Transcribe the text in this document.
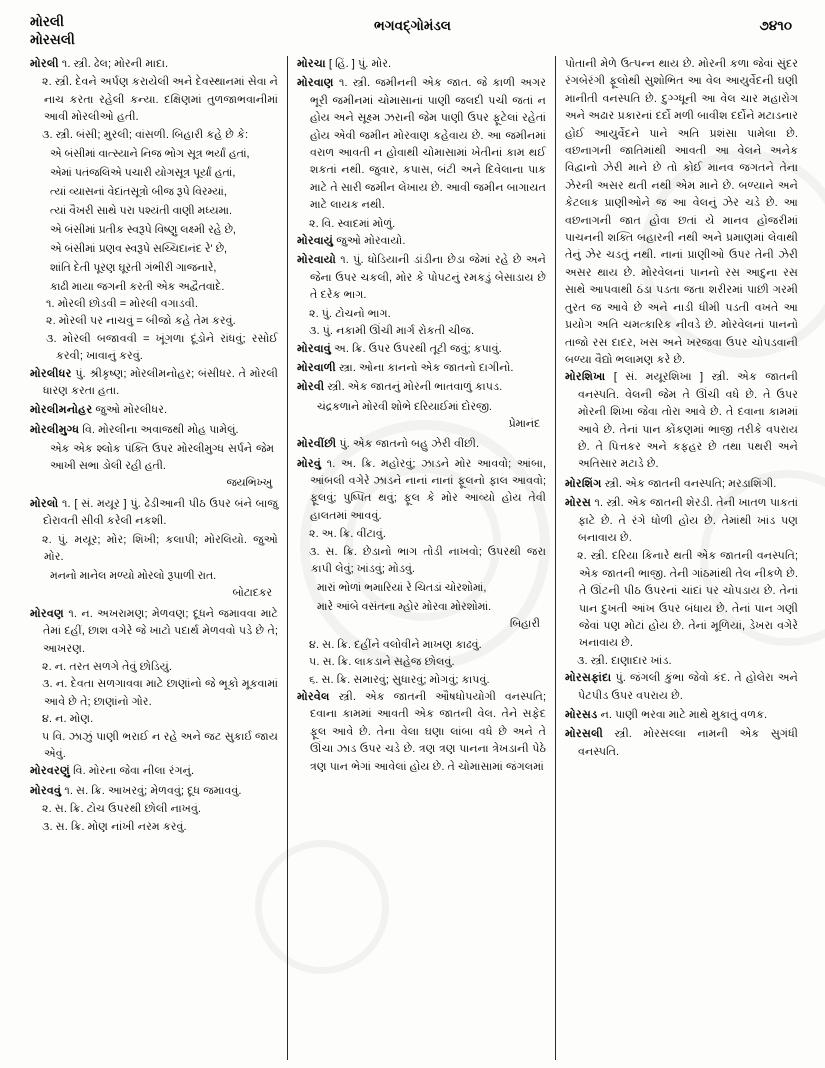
મોરલી
મોરસલી
ભગવદ્ગોમંડલ	૭૪૧૦

મોરલી ૧. સ્ત્રી. ઢેલ; મોરની માદા.

૨. સ્ત્રી. દેવને અર્પણ કરાયેલી અને દેવસ્થાનમાં સેવા ને નાચ કરતા રહેલી કન્યા. દક્ષિણમાં તુળજાભવાનીમાં આવી મોરલીઓ હતી.

૩. સ્ત્રી. બંસી; મુરલી; વાંસળી. બિહારી કહે છે કે:

એ બંસીમાં વાત્સ્યાને નિજ ભોગ સૂત્ર ભર્યાં હતાં,

એમાં પતંજલિએ પચારી યોગસૂત્ર પૂર્યાં હતાં,

ત્યાં વ્યાસનાં વેદાંતસૂત્રો બીજ રૂપે વિરમ્યાં,

ત્યાં વૈખરી સાથે પરા પશ્યંતી વાણી મધ્યમા.

એ બંસીમાં પ્રતીક સ્વરૂપે વિષ્ણુ લક્ષ્મી રહે છે,

એ બંસીમાં પ્રણવ સ્વરૂપે સચ્ચિદાનંદ રે' છે,

શાંતિ દેતી પૂરણ ઘૂરતી ગંભીરી ગાજનારે,

કાઢી માયા જગની કરતી એક અદ્વૈતવાદે.

૧. મોરલી છોડવી = મોરલી વગાડવી.

૨. મોરલી પર નાચવું = બીજો કહે તેમ કરવું.

૩. મોરલી બજાવવી = ખૂંગળા દૂંડોને રાંધવું; રસોઈ કરવી; ખાવાનું કરવું.

મોરલીધર પું. શ્રીકૃષ્ણ; મોરલીમનોહર; બંસીધર. તે મોરલી ધારણ કરતા હતા.

મોરલીમનોહર જુઓ મોરલીધર.

મોરલીમુગ્ધ વિ. મોરલીના અવાજથી મોહ પામેલું.

એક એક શ્લોક પંક્તિ ઉપર મોરલીમુગ્ધ સર્પને જેમ આખી સભા ડોલી રહી હતી.

જયભિખ્ખુ

મોરલો ૧. [ સં. મયૂર ] પું. ઢેડીઆની પીઠ ઉપર બંને બાજુ દોરાવતી સીવી કરેલી નકશી.

૨. પું. મયૂર; મોર; શિખી; કલાપી; મોરલિયો. જુઓ મોર.

મનનો માનેલ મળ્યો મોરલો રૂપાળી રાત.

બોટાદકર

મોરવણ ૧. ન. અખરામણ; મેળવણ; દૂધને જમાવવા માટે તેમાં દહીં, છાશ વગેરે જે ખાટો પદાર્થ મેળવવો પડે છે તે; આખરણ.

૨. ન. તરત સળગે તેવું છોડિયું.

૩. ન. દેવતા સળગાવવા માટે છાણાંનો જે ભૂકો મૂકવામાં આવે છે તે; છાણાંનો ગોર.

૪. ન. મોણ.

૫ વિ. ઝાઝું પાણી ભરાઈ ન રહે અને જટ સુકાર્ઇ જાય એવું.

મોરવરણું વિ. મોરના જેવા નીલા રંગનું.

મોરવવું ૧. સ. ક્રિ. આખરવું; મેળવવું; દૂધ જમાવવું.

૨. સ. ક્રિ. ટોચ ઉપરથી છોલી નાખવું.

૩. સ. ક્રિ. મોણ નાંખી નરમ કરવું.

મોરચા [ હિં. ] પું. મોર.

મોરવાણ ૧. સ્ત્રી. જમીનની એક જાત. જે કાળી અગર ભૂરી જમીનમાં ચોમાસાનાં પાણી જલદી પચી જતાં ન હોય અને સૂક્ષ્મ ઝરાની જેમ પાણી ઉપર ફૂટેલાં રહેતાં હોય એવી જમીન મોરવાણ કહેવાય છે. આ જમીનમાં વરાળ આવતી ન હોવાથી ચોમાસામાં ખેતીનાં કામ થઈ શકતાં નથી. જુવાર, કપાસ, બંટી અને દિવેલાના પાક માટે તે સારી જમીન લેખાય છે. આવી જમીન બાગાયત માટે લાયક નથી.

૨. વિ. સ્વાદમાં મોળું.

મોરવાયું જુઓ મોરવાયો.

મોરવાયો ૧. પું. ધોડિયાની ડાંડીના છેડા જેમાં રહે છે અને જેના ઉપર ચકલી, મોર કે પોપટનું રમકડું બેસાડાય છે તે દરેક ભાગ.

૨. પું. ટોચનો ભાગ.

૩. પું. નકામી ઊંચી માર્ગ રોકતી ચીજ.

મોરવાવું અ. ક્રિ. ઉપર ઉપરથી તૂટી જવું; કપાવું.

મોરવાળી સ્ત્રા. ઓના કાનનો એક જાતનો દાગીનો.

મોરવી સ્ત્રી. એક જાતનું મોરની ભાતવાળું કાપડ.

ચંદ્રકળાને મોરવી શોભે દરિયાઈમાં દોરજી.

પ્રેમાનંદ

મોરવીંછી પું. એક જાતનો બહુ ઝેરી વીંછી.

મોરવું ૧. અ. ક્રિ. મહોરવું; ઝાડને મોર આવવો; આંબા, આંબલી વગેરે ઝાડને નાનાં નાનાં ફૂલનો ફાલ આવવો; ફૂલવું; પુષ્પિત થવું; ફૂલ કે મોર આવ્યો હોય તેવી હાલતમાં આવવું.

૨. અ. ક્રિ. વીંટાવું.

૩. સ. ક્રિ. છેડાનો ભાગ તોડી નાખવો; ઉપરથી જરા કાપી લેવું; ખાંડવું; મોડવું.

મારાં ભોળાં ભમારિયાં રે ચિતડાં ચોરશોમાં,

મારે આંબે વસંતના મ્હોર મોરવા મોરશોમાં.

બિહારી

૪. સ. ક્રિ. દહીંને વલોવીને માખણ કાઢવું.

૫. સ. ક્રિ. લાકડાને સહેજ છોલવું.

૬. સ. ક્રિ. સમારવું; સુધારવું; મોગવું; કાપવું.

મોરવેલ સ્ત્રી. એક જાતની ઔષધોપયોગી વનસ્પતિ; દવાના કામમાં આવતી એક જાતની વેલ. તેને સફેદ ફૂલ આવે છે. તેના વેલા ઘણા લાંબા વધે છે અને તે ઊંચા ઝાડ ઉપર ચડે છે. ત્રણ ત્રણ પાનના ત્રેખડાની પેઠે ત્રણ પાન ભેગાં આવેલાં હોય છે. તે ચોમાસામાં જંગલમાં

પોતાની મેળે ઉત્પન્ન થાય છે. મોરની કળા જેવાં સુંદર રંગબેરંગી ફૂલોથી સુશોભિત આ વેલ આયુર્વેદની ઘણી માનીતી વનસ્પતિ છે. દુગ્ગ્ધૂની આ વેલ ચાર મહારોગ અને અઢાર પ્રકારનાં દર્દો મળી બાવીશ દર્દોને મટાડનાર હોઈ આયુર્વેદને પાને અતિ પ્રશંસા પામેલા છે. વછનાગની જાતિમાંથી આવતી આ વેલને અનેક વિદ્વાનો ઝેરી માને છે તો કોઈ માનવ જગતને તેના ઝેરની અસર થતી નથી એમ માને છે. બળ્યાને અને કેટલાક પ્રાણીઓને જ આ વેલનું ઝેર ચડે છે. આ વછનાગની જાત હોવા છતાં યે માનવ હોજરીમાં પાચનની શક્તિ બહારની નથી અને પ્રમાણમાં લેવાથી તેનું ઝેર ચડતું નથી. નાનાં પ્રાણીઓ ઉપર તેની ઝેરી અસર થાય છે. મોરવેલનાં પાનનો રસ આદુના રસ સાથે આપવાથી ઠંડા પડતા જતા શરીરમાં પાછી ગરમી તુરત જ આવે છે અને નાડી ધીમી પડતી વખતે આ પ્રયોગ અતિ ચમત્કારિક નીવડે છે. મોરવેલનાં પાનનો તાજો રસ દાદર, ખસ અને ખરજવા ઉપર ચોપડવાની બળ્યા વૈદ્યો ભલામણ કરે છે.

મોરશિખા [ સં. મયૂરશિખા ] સ્ત્રી. એક જાતની વનસ્પતિ. વેલની જેમ તે ઊંચી વધે છે. તે ઉપર મોરની શિખા જેવા તોરા આવે છે. તે દવાના કામમાં આવે છે. તેનાં પાન કોંકણમાં ભાજી તરીકે વપરાય છે. તે પિત્તકર અને કફહર છે તથા પથરી અને અતિસાર મટાડે છે.

મોરશિંગ સ્ત્રી. એક જાતની વનસ્પતિ; મરડાશિંગી.

મોરસ ૧. સ્ત્રી. એક જાતની શેરડી. તેની ખાતળ પાકતાં ફાટે છે. તે રંગે ધોળી હોય છે. તેમાંથી ખાંડ પણ બનાવાય છે.

૨. સ્ત્રી. દરિયા કિનારે થતી એક જાતની વનસ્પતિ; એક જાતની ભાજી. તેની ગાંઠમાંથી તેલ નીકળે છે. તે ઊંટની પીઠ ઉપરનાં ચાંદાં પર ચોપડાય છે. તેનાં પાન દુખતી આંખ ઉપર બંધાય છે. તેનાં પાન ગણી જેવાં પણ મોટાં હોય છે. તેનાં મૂળિયાં, ડેખરા વગેરે ખનાવાય છે.

૩. સ્ત્રી. દાણાદાર ખાંડ.

મોરસફાંદા પું. જંગલી કુંભા જેવો કંદ. તે હોલેરા અને પેટપીડ ઉપર વપરાય છે.

મોરસડ ન. પાણી ભરવા માટે માથે મુકાતું વળક.

મોરસલી સ્ત્રી. મોરસલ્લા નામની એક સુગંધી વનસ્પતિ.
